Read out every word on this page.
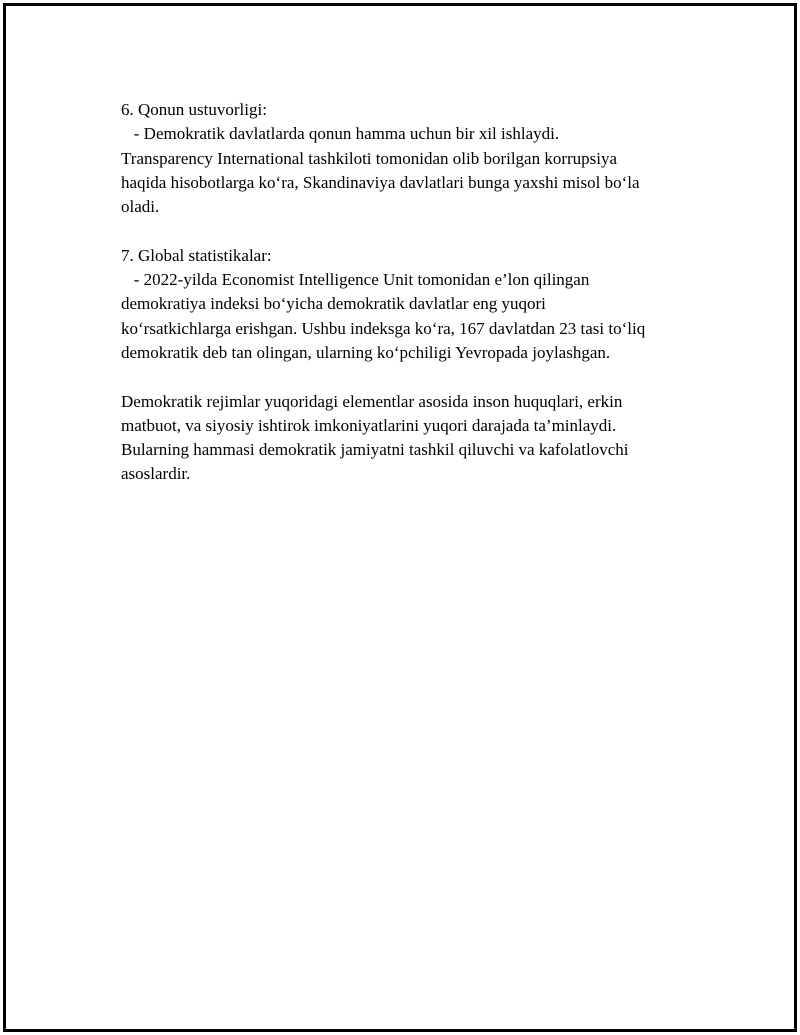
6. Qonun ustuvorligi:
- Demokratik davlatlarda qonun hamma uchun bir xil ishlaydi.
Transparency International tashkiloti tomonidan olib borilgan korrupsiya
haqida hisobotlarga ko‘ra, Skandinaviya davlatlari bunga yaxshi misol bo‘la
oladi.
7. Global statistikalar:
- 2022-yilda Economist Intelligence Unit tomonidan e’lon qilingan
demokratiya indeksi bo‘yicha demokratik davlatlar eng yuqori
ko‘rsatkichlarga erishgan. Ushbu indeksga ko‘ra, 167 davlatdan 23 tasi to‘liq
demokratik deb tan olingan, ularning ko‘pchiligi Yevropada joylashgan.
Demokratik rejimlar yuqoridagi elementlar asosida inson huquqlari, erkin
matbuot, va siyosiy ishtirok imkoniyatlarini yuqori darajada ta’minlaydi.
Bularning hammasi demokratik jamiyatni tashkil qiluvchi va kafolatlovchi
asoslardir.
